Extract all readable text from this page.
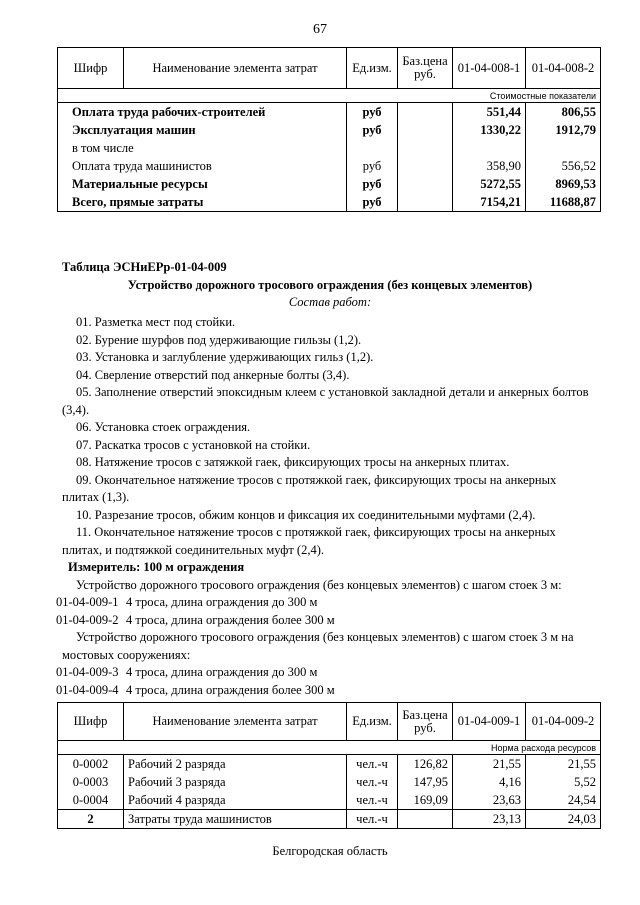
67
Шифр	Наименование элемента затрат	Ед.изм.	Баз.цена руб.	01-04-008-1	01-04-008-2
Стоимостные показатели					
Оплата труда рабочих-строителей		руб		551,44	806,55
Эксплуатация машин		руб		1330,22	1912,79
в том числе					
Оплата труда машинистов		руб		358,90	556,52
Материальные ресурсы		руб		5272,55	8969,53
Всего, прямые затраты		руб		7154,21	11688,87
Таблица ЭСНиЕРр-01-04-009
Устройство дорожного тросового ограждения (без концевых элементов)
Состав работ:
01. Разметка мест под стойки.
02. Бурение шурфов под удерживающие гильзы (1,2).
03. Установка и заглубление удерживающих гильз (1,2).
04. Сверление отверстий под анкерные болты (3,4).
05. Заполнение отверстий эпоксидным клеем с установкой закладной детали и анкерных болтов (3,4).
06. Установка стоек ограждения.
07. Раскатка тросов с установкой на стойки.
08. Натяжение тросов с затяжкой гаек, фиксирующих тросы на анкерных плитах.
09. Окончательное натяжение тросов с протяжкой гаек, фиксирующих тросы на анкерных плитах (1,3).
10. Разрезание тросов, обжим концов и фиксация их соединительными муфтами (2,4).
11. Окончательное натяжение тросов с протяжкой гаек, фиксирующих тросы на анкерных плитах, и подтяжкой соединительных муфт (2,4).
Измеритель: 100 м ограждения
Устройство дорожного тросового ограждения (без концевых элементов) с шагом стоек 3 м:
01-04-009-1 4 троса, длина ограждения до 300 м
01-04-009-2 4 троса, длина ограждения более 300 м
Устройство дорожного тросового ограждения (без концевых элементов) с шагом стоек 3 м на мостовых сооружениях:
01-04-009-3 4 троса, длина ограждения до 300 м
01-04-009-4 4 троса, длина ограждения более 300 м
Шифр	Наименование элемента затрат	Ед.изм.	Баз.цена руб.	01-04-009-1	01-04-009-2
Норма расхода ресурсов					
0-0002	Рабочий 2 разряда	чел.-ч	126,82	21,55	21,55
0-0003	Рабочий 3 разряда	чел.-ч	147,95	4,16	5,52
0-0004	Рабочий 4 разряда	чел.-ч	169,09	23,63	24,54
2	Затраты труда машинистов	чел.-ч		23,13	24,03
Белгородская область
